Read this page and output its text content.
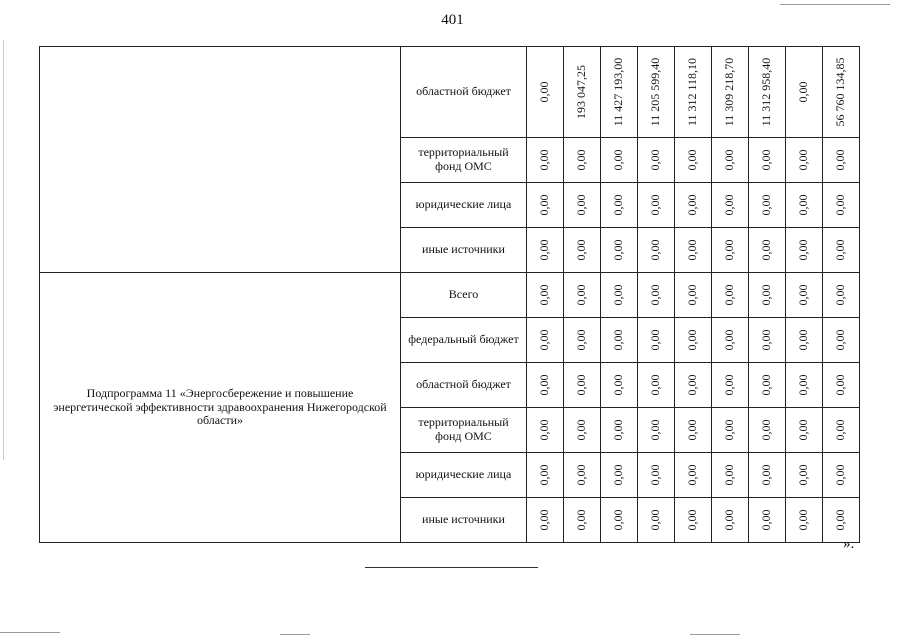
401
	областной бюджет	0,00	193 047,25	11 427 193,00	11 205 599,40	11 312 118,10	11 309 218,70	11 312 958,40	0,00	56 760 134,85

	территориальный фонд ОМС	0,00	0,00	0,00	0,00	0,00	0,00	0,00	0,00	0,00

	юридические лица	0,00	0,00	0,00	0,00	0,00	0,00	0,00	0,00	0,00

	иные источники	0,00	0,00	0,00	0,00	0,00	0,00	0,00	0,00	0,00

Подпрограмма 11 «Энергосбережение и повышение энергетической эффективности здравоохранения Нижегородской области»	Всего	0,00	0,00	0,00	0,00	0,00	0,00	0,00	0,00	0,00

	федеральный бюджет	0,00	0,00	0,00	0,00	0,00	0,00	0,00	0,00	0,00

	областной бюджет	0,00	0,00	0,00	0,00	0,00	0,00	0,00	0,00	0,00

	территориальный фонд ОМС	0,00	0,00	0,00	0,00	0,00	0,00	0,00	0,00	0,00

	юридические лица	0,00	0,00	0,00	0,00	0,00	0,00	0,00	0,00	0,00

	иные источники	0,00	0,00	0,00	0,00	0,00	0,00	0,00	0,00	0,00
».
